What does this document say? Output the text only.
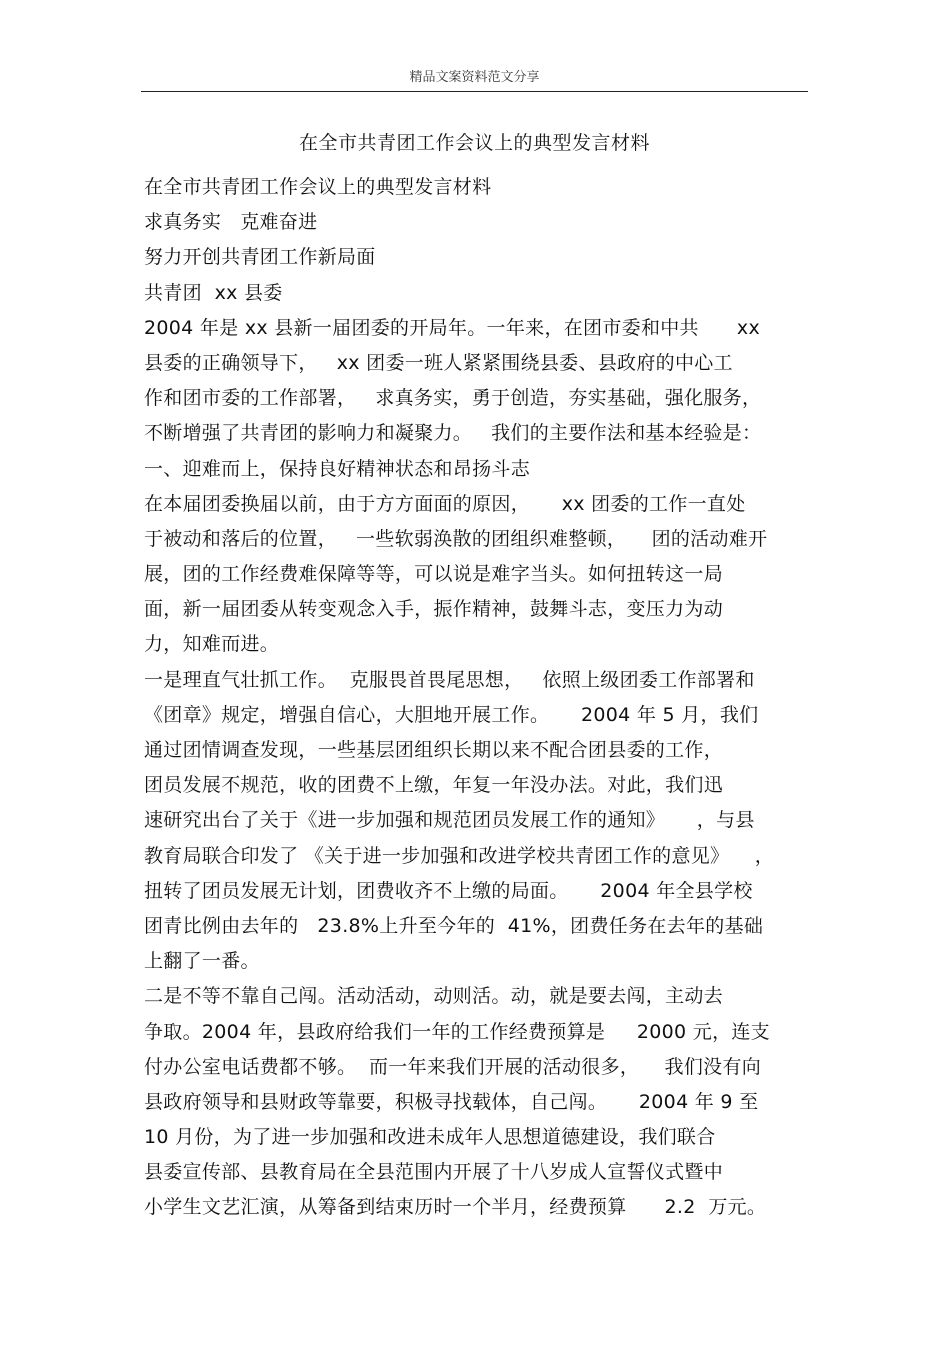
精品文案资料范文分享
在全市共青团工作会议上的典型发言材料
在全市共青团工作会议上的典型发言材料
求真务实   克难奋进
努力开创共青团工作新局面
共青团  xx 县委
2004 年是 xx 县新一届团委的开局年。一年来，在团市委和中共      xx
县委的正确领导下，   xx 团委一班人紧紧围绕县委、县政府的中心工
作和团市委的工作部署，   求真务实，勇于创造，夯实基础，强化服务，
不断增强了共青团的影响力和凝聚力。   我们的主要作法和基本经验是：
一、迎难而上，保持良好精神状态和昂扬斗志
在本届团委换届以前，由于方方面面的原因，     xx 团委的工作一直处
于被动和落后的位置，   一些软弱涣散的团组织难整顿，    团的活动难开
展，团的工作经费难保障等等，可以说是难字当头。如何扭转这一局
面，新一届团委从转变观念入手，振作精神，鼓舞斗志，变压力为动
力，知难而进。
一是理直气壮抓工作。  克服畏首畏尾思想，   依照上级团委工作部署和
《团章》规定，增强自信心，大胆地开展工作。     2004 年 5 月，我们
通过团情调查发现，一些基层团组织长期以来不配合团县委的工作，
团员发展不规范，收的团费不上缴，年复一年没办法。对此，我们迅
速研究出台了关于《进一步加强和规范团员发展工作的通知》     ，与县
教育局联合印发了 《关于进一步加强和改进学校共青团工作的意见》    ，
扭转了团员发展无计划，团费收齐不上缴的局面。     2004 年全县学校
团青比例由去年的   23.8%上升至今年的  41%，团费任务在去年的基础
上翻了一番。
二是不等不靠自己闯。活动活动，动则活。动，就是要去闯，主动去
争取。2004 年，县政府给我们一年的工作经费预算是     2000 元，连支
付办公室电话费都不够。  而一年来我们开展的活动很多，    我们没有向
县政府领导和县财政等靠要，积极寻找载体，自己闯。     2004 年 9 至
10 月份，为了进一步加强和改进未成年人思想道德建设，我们联合
县委宣传部、县教育局在全县范围内开展了十八岁成人宣誓仪式暨中
小学生文艺汇演，从筹备到结束历时一个半月，经费预算      2.2  万元。
